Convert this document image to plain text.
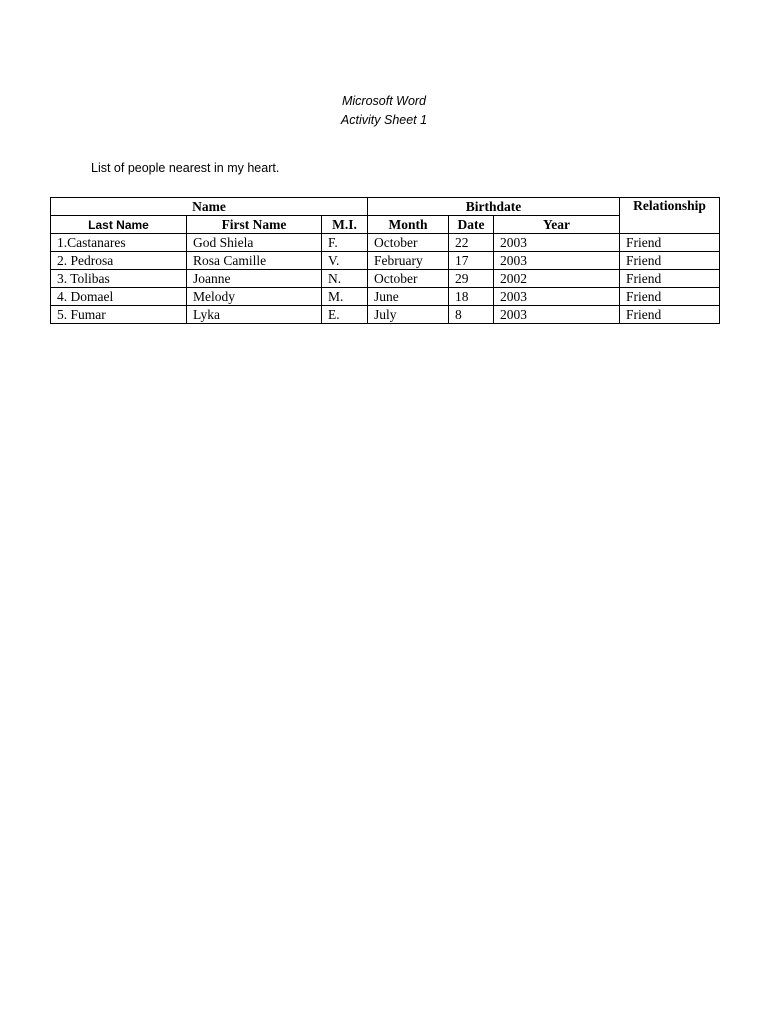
Microsoft Word
Activity Sheet 1
List of people nearest in my heart.
Name			Birthdate			Relationship
Last Name	First Name	M.I.	Month	Date	Year	
1.Castanares	God Shiela	F.	October	22	2003	Friend
2. Pedrosa	Rosa Camille	V.	February	17	2003	Friend
3. Tolibas	Joanne	N.	October	29	2002	Friend
4. Domael	Melody	M.	June	18	2003	Friend
5. Fumar	Lyka	E.	July	8	2003	Friend
